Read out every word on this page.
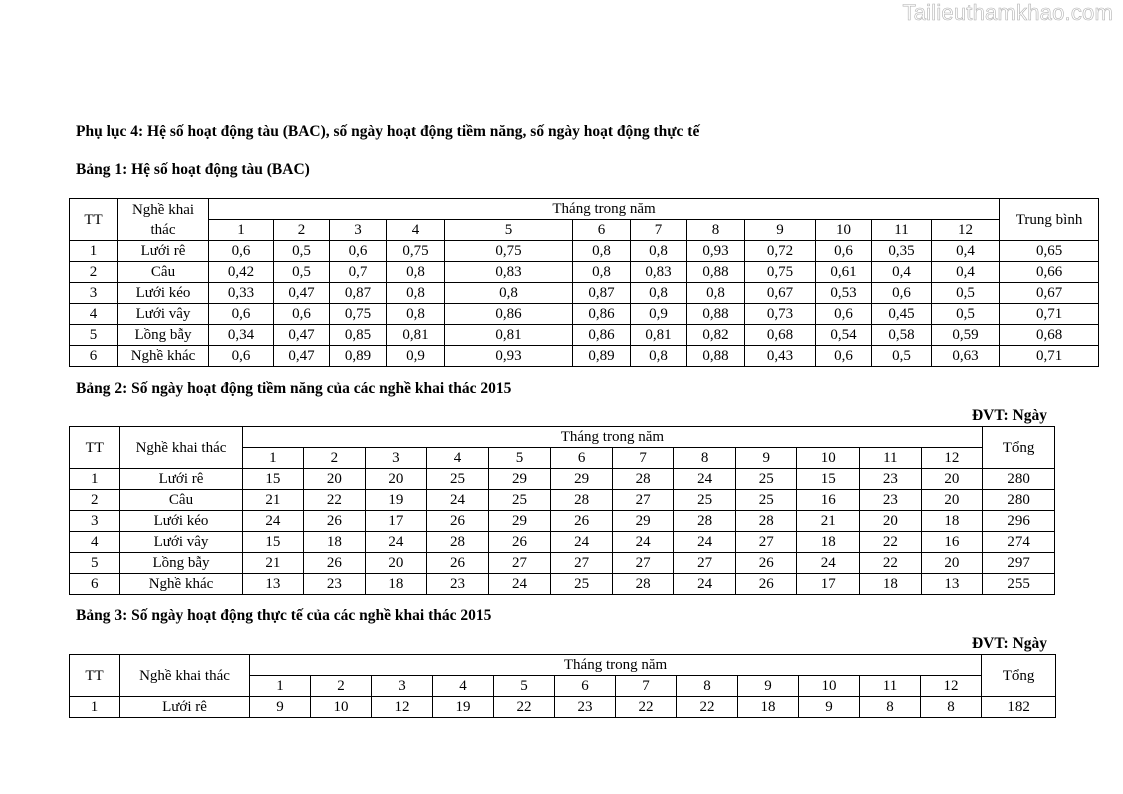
Tailieuthamkhao.com
Phụ lục 4: Hệ số hoạt động tàu (BAC), số ngày hoạt động tiềm năng, số ngày hoạt động thực tế
Bảng 1: Hệ số hoạt động tàu (BAC)
TT	Nghề khai thác	Tháng trong năm												Trung bình
		1	2	3	4	5	6	7	8	9	10	11	12	
1	Lưới rê	0,6	0,5	0,6	0,75	0,75	0,8	0,8	0,93	0,72	0,6	0,35	0,4	0,65
2	Câu	0,42	0,5	0,7	0,8	0,83	0,8	0,83	0,88	0,75	0,61	0,4	0,4	0,66
3	Lưới kéo	0,33	0,47	0,87	0,8	0,8	0,87	0,8	0,8	0,67	0,53	0,6	0,5	0,67
4	Lưới vây	0,6	0,6	0,75	0,8	0,86	0,86	0,9	0,88	0,73	0,6	0,45	0,5	0,71
5	Lồng bẫy	0,34	0,47	0,85	0,81	0,81	0,86	0,81	0,82	0,68	0,54	0,58	0,59	0,68
6	Nghề khác	0,6	0,47	0,89	0,9	0,93	0,89	0,8	0,88	0,43	0,6	0,5	0,63	0,71
Bảng 2: Số ngày hoạt động tiềm năng của các nghề khai thác 2015
ĐVT: Ngày
TT	Nghề khai thác	Tháng trong năm												Tổng
		1	2	3	4	5	6	7	8	9	10	11	12	
1	Lưới rê	15	20	20	25	29	29	28	24	25	15	23	20	280
2	Câu	21	22	19	24	25	28	27	25	25	16	23	20	280
3	Lưới kéo	24	26	17	26	29	26	29	28	28	21	20	18	296
4	Lưới vây	15	18	24	28	26	24	24	24	27	18	22	16	274
5	Lồng bẫy	21	26	20	26	27	27	27	27	26	24	22	20	297
6	Nghề khác	13	23	18	23	24	25	28	24	26	17	18	13	255
Bảng 3: Số ngày hoạt động thực tế của các nghề khai thác 2015
ĐVT: Ngày
TT	Nghề khai thác	Tháng trong năm												Tổng
		1	2	3	4	5	6	7	8	9	10	11	12	
1	Lưới rê	9	10	12	19	22	23	22	22	18	9	8	8	182
